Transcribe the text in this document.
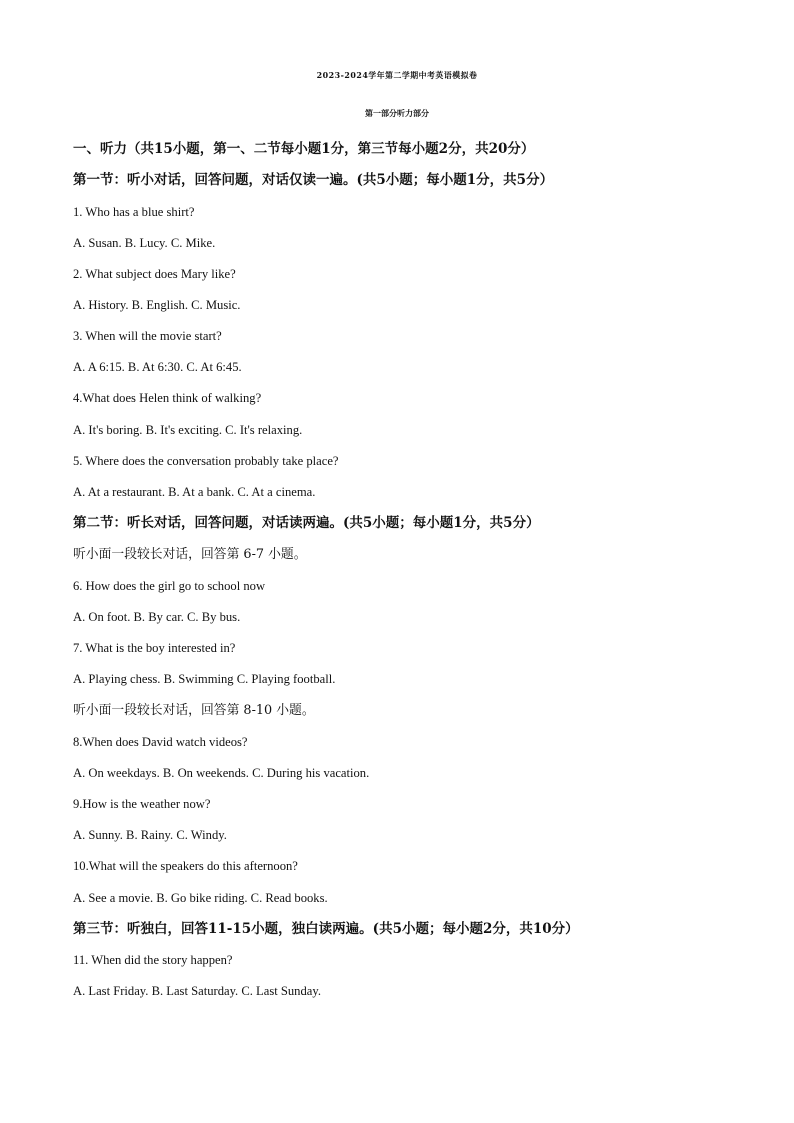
2023-2024学年第二学期中考英语模拟卷
第一部分听力部分
一、听力（共15小题，第一、二节每小题1分，第三节每小题2分，共20分）
第一节：听小对话，回答问题，对话仅读一遍。(共5小题；每小题1分，共5分）
1. Who has a blue shirt?
A. Susan. B. Lucy. C. Mike.
2. What subject does Mary like?
A. History. B. English. C. Music.
3. When will the movie start?
A. A 6:15. B. At 6:30. C. At 6:45.
4.What does Helen think of walking?
A. It's boring. B. It's exciting. C. It's relaxing.
5. Where does the conversation probably take place?
A. At a restaurant. B. At a bank. C. At a cinema.
第二节：听长对话，回答问题，对话读两遍。(共5小题；每小题1分，共5分）
听小面一段较长对话，回答第 6-7 小题。
6. How does the girl go to school now
A. On foot. B. By car. C. By bus.
7. What is the boy interested in?
A. Playing chess. B. Swimming C. Playing football.
听小面一段较长对话，回答第 8-10 小题。
8.When does David watch videos?
A. On weekdays. B. On weekends. C. During his vacation.
9.How is the weather now?
A. Sunny. B. Rainy. C. Windy.
10.What will the speakers do this afternoon?
A. See a movie. B. Go bike riding. C. Read books.
第三节：听独白，回答11-15小题，独白读两遍。(共5小题；每小题2分，共10分）
11. When did the story happen?
A. Last Friday. B. Last Saturday. C. Last Sunday.
